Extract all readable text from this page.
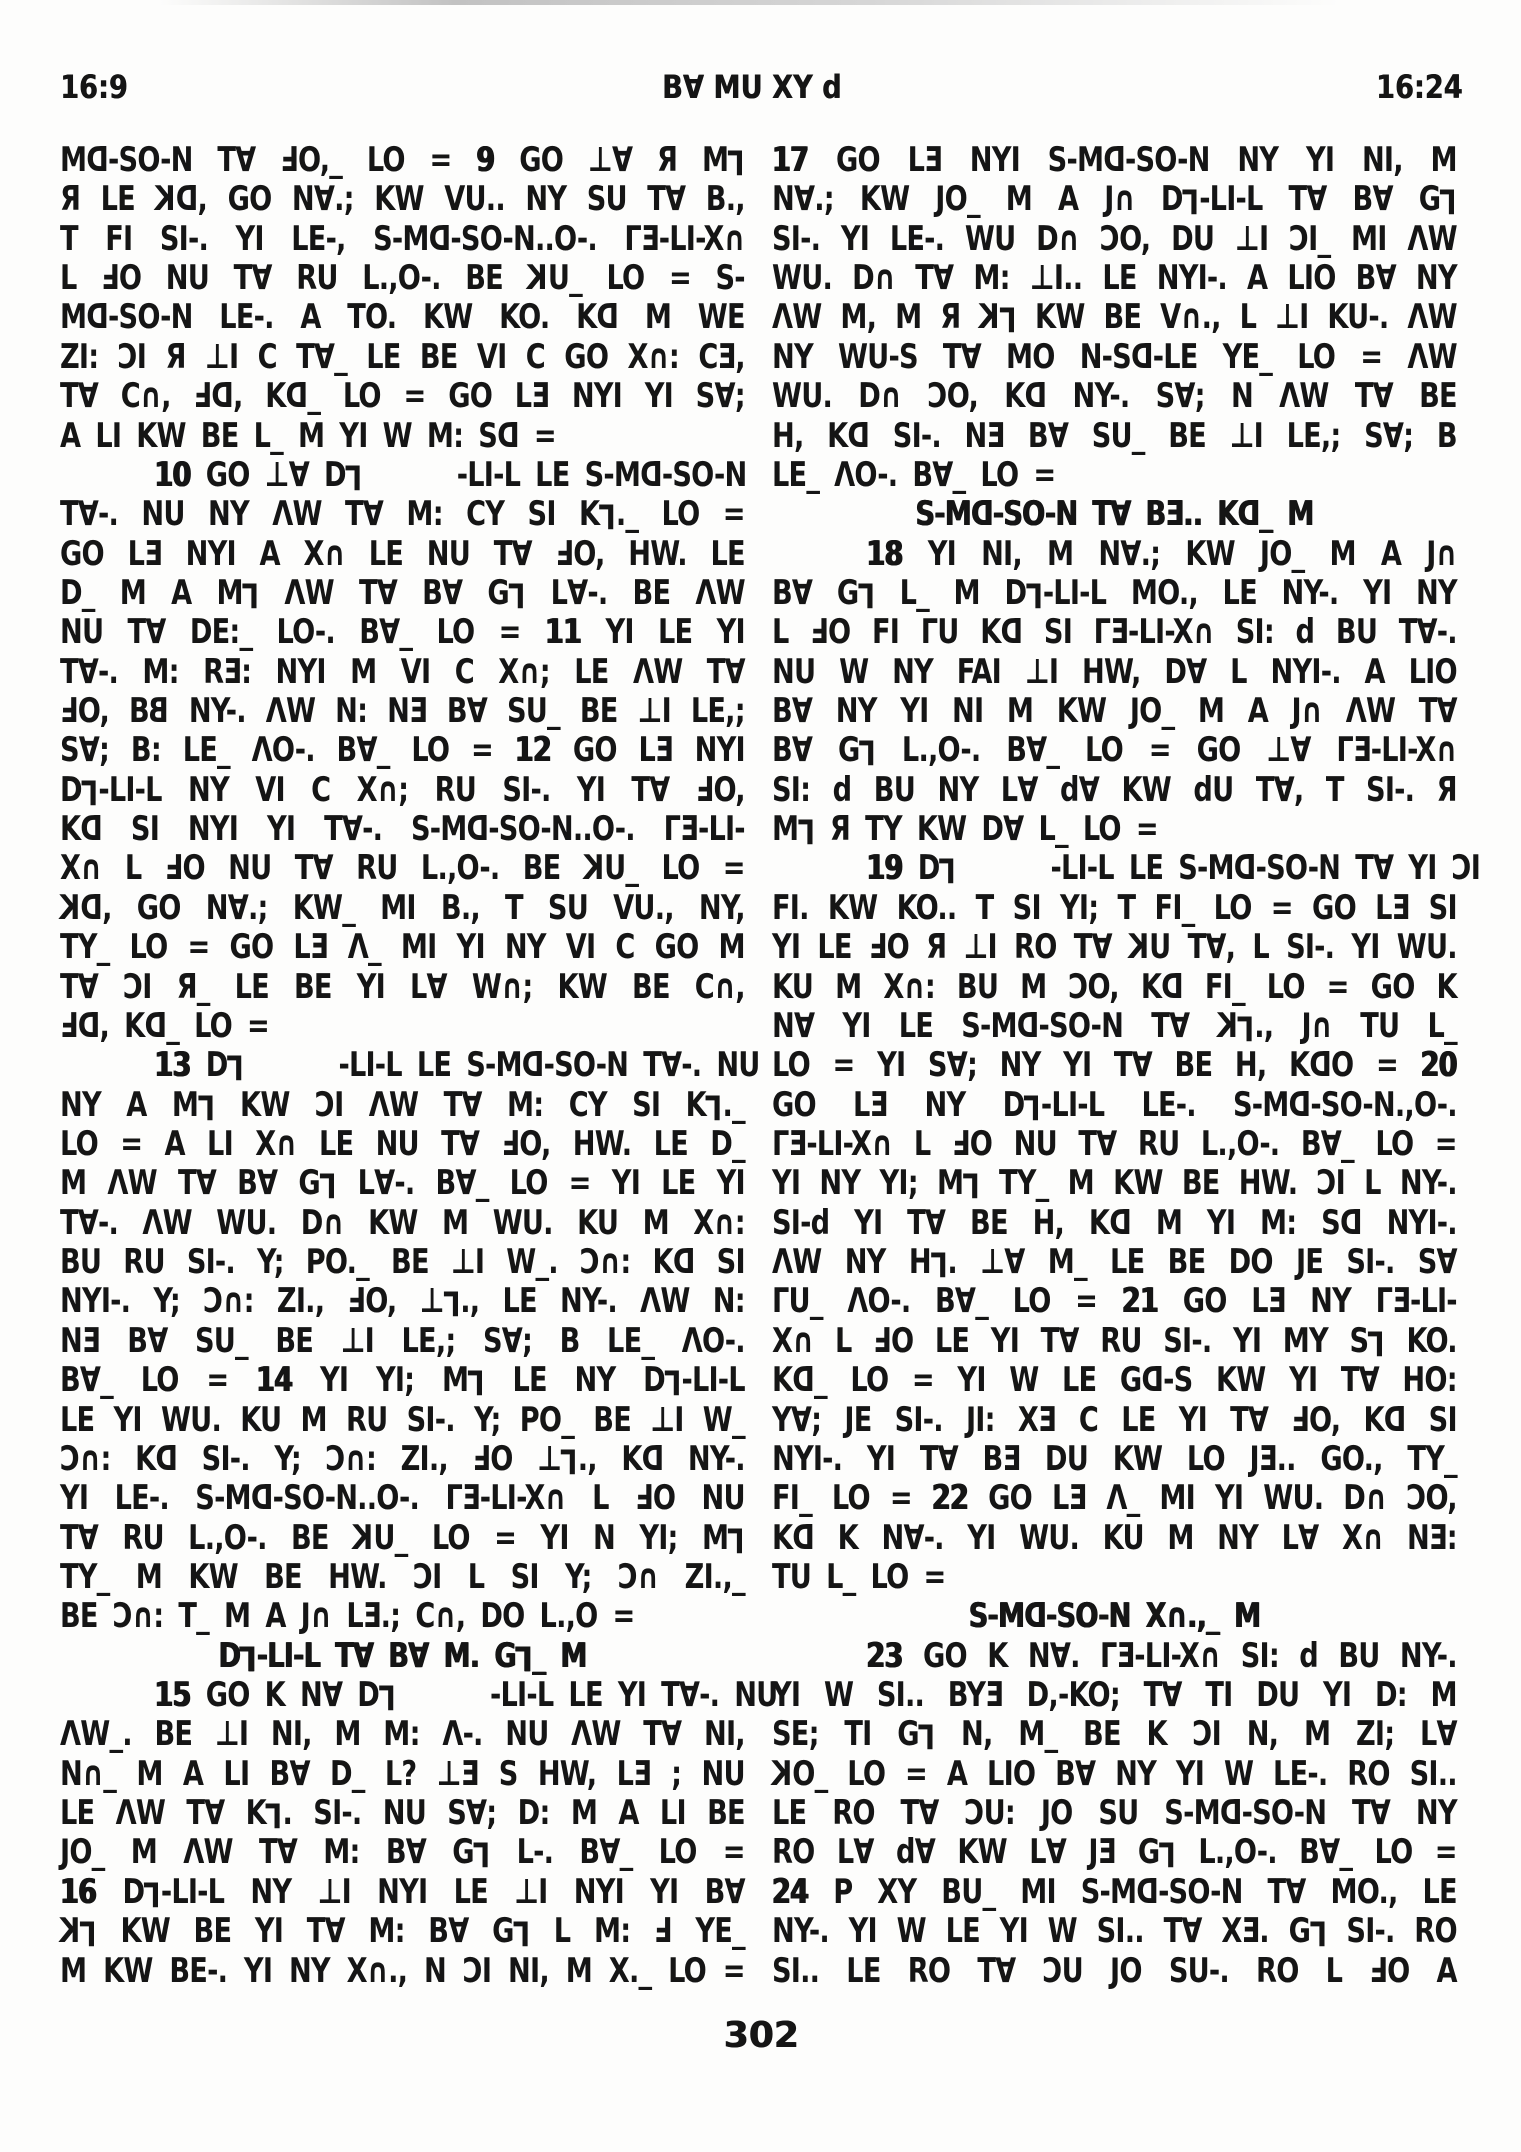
16:9	B∀ MU XY d	16:24
Mᗡ-SO-N T∀ ℲO,_ LO = 9 GO ⊥∀ Я ML
Я LE Kᗡ, GO N∀.; KW VU.. NY SU T∀ B.,
T FI SI-. YI LE-, S-Mᗡ-SO-N..O-. ΓƎ-LI-X∩
L ℲO NU T∀ RU L.,O-. BE KU_ LO = S-
Mᗡ-SO-N LE-. A TO. KW KO. Kᗡ M WE
ZI: ƆI Я ⊥I C T∀_ LE BE VI C GO X∩: CƎ,
T∀ C∩, Ⅎᗡ, Kᗡ_ LO = GO LƎ NYI YI S∀;
A LI KW BE L_ M YI W M: Sᗡ =
10 GO ⊥∀ DL	-LI-L LE S-Mᗡ-SO-N
T∀-. NU NY ΛW T∀ M: CY SI KL._ LO =
GO LƎ NYI A X∩ LE NU T∀ ℲO, HW. LE
D_ M A ML ΛW T∀ B∀ GL L∀-. BE ΛW
NU T∀ DE:_ LO-. B∀_ LO = 11 YI LE YI
T∀-. M: RƎ: NYI M VI C X∩; LE ΛW T∀
ℲO, BB NY-. ΛW N: NƎ B∀ SU_ BE ⊥I LE,;
S∀; B: LE_ ΛO-. B∀_ LO = 12 GO LƎ NYI
DL-LI-L NY VI C X∩; RU SI-. YI T∀ ℲO,
Kᗡ SI NYI YI T∀-. S-Mᗡ-SO-N..O-. ΓƎ-LI-
X∩ L ℲO NU T∀ RU L.,O-. BE KU_ LO =
Kᗡ, GO N∀.; KW_ MI B., T SU VU., NY,
TY_ LO = GO LƎ Λ_ MI YI NY VI C GO M
T∀ ƆI Я_ LE BE YI L∀ W∩; KW BE C∩,
Ⅎᗡ, Kᗡ_ LO =
13 DL	-LI-L LE S-Mᗡ-SO-N T∀-. NU
NY A ML KW ƆI ΛW T∀ M: CY SI KL._
LO = A LI X∩ LE NU T∀ ℲO, HW. LE D_
M ΛW T∀ B∀ GL L∀-. B∀_ LO = YI LE YI
T∀-. ΛW WU. D∩ KW M WU. KU M X∩:
BU RU SI-. Y; PO._ BE ⊥I W_. Ɔ∩: Kᗡ SI
NYI-. Y; Ɔ∩: ZI., ℲO, ⊥L., LE NY-. ΛW N:
NƎ B∀ SU_ BE ⊥I LE,; S∀; B LE_ ΛO-.
B∀_ LO = 14 YI YI; ML LE NY DL-LI-L
LE YI WU. KU M RU SI-. Y; PO_ BE ⊥I W_
Ɔ∩: Kᗡ SI-. Y; Ɔ∩: ZI., ℲO ⊥L., Kᗡ NY-.
YI LE-. S-Mᗡ-SO-N..O-. ΓƎ-LI-X∩ L ℲO NU
T∀ RU L.,O-. BE KU_ LO = YI N YI; ML
TY_ M KW BE HW. ƆI L SI Y; Ɔ∩ ZI.,_
BE Ɔ∩: T_ M A J∩ LƎ.; C∩, DO L.,O =
DL-LI-L T∀ B∀ M. GL_ M
15 GO K N∀ DL	-LI-L LE YI T∀-. NU
ΛW_. BE ⊥I NI, M M: Λ-. NU ΛW T∀ NI,
N∩_ M A LI B∀ D_ L? ⊥Ǝ S HW, LƎ ; NU
LE ΛW T∀ KL. SI-. NU S∀; D: M A LI BE
JO_ M ΛW T∀ M: B∀ GL L-. B∀_ LO =
16 DL-LI-L NY ⊥I NYI LE ⊥I NYI YI B∀
KL KW BE YI T∀ M: B∀ GL L M: Ⅎ YE_
M KW BE-. YI NY X∩., N ƆI NI, M X._ LO =
17 GO LƎ NYI S-Mᗡ-SO-N NY YI NI, M
N∀.; KW JO_ M A J∩ DL-LI-L T∀ B∀ GL
SI-. YI LE-. WU D∩ ƆO, DU ⊥I ƆI_ MI ΛW
WU. D∩ T∀ M: ⊥I.. LE NYI-. A LIO B∀ NY
ΛW M, M Я KL KW BE V∩., L ⊥I KU-. ΛW
NY WU-S T∀ MO N-Sᗡ-LE YE_ LO = ΛW
WU. D∩ ƆO, Kᗡ NY-. S∀; N ΛW T∀ BE
H, Kᗡ SI-. NƎ B∀ SU_ BE ⊥I LE,; S∀; B
LE_ ΛO-. B∀_ LO =
S-Mᗡ-SO-N T∀ BƎ.. Kᗡ_ M
18 YI NI, M N∀.; KW JO_ M A J∩
B∀ GL L_ M DL-LI-L MO., LE NY-. YI NY
L ℲO FI ΓU Kᗡ SI ΓƎ-LI-X∩ SI: d BU T∀-.
NU W NY FAI ⊥I HW, D∀ L NYI-. A LIO
B∀ NY YI NI M KW JO_ M A J∩ ΛW T∀
B∀ GL L.,O-. B∀_ LO = GO ⊥∀ ΓƎ-LI-X∩
SI: d BU NY L∀ d∀ KW dU T∀, T SI-. Я
ML Я TY KW D∀ L_ LO =
19 DL	-LI-L LE S-Mᗡ-SO-N T∀ YI ƆI
FI. KW KO.. T SI YI; T FI_ LO = GO LƎ SI
YI LE ℲO Я ⊥I RO T∀ KU T∀, L SI-. YI WU.
KU M X∩: BU M ƆO, Kᗡ FI_ LO = GO K
N∀ YI LE S-Mᗡ-SO-N T∀ KL., J∩ TU L_
LO = YI S∀; NY YI T∀ BE H, KᗡO = 20
GO LƎ NY DL-LI-L LE-. S-Mᗡ-SO-N.,O-.
ΓƎ-LI-X∩ L ℲO NU T∀ RU L.,O-. B∀_ LO =
YI NY YI; ML TY_ M KW BE HW. ƆI L NY-.
SI-d YI T∀ BE H, Kᗡ M YI M: Sᗡ NYI-.
ΛW NY HL. ⊥∀ M_ LE BE DO JE SI-. S∀
ΓU_ ΛO-. B∀_ LO = 21 GO LƎ NY ΓƎ-LI-
X∩ L ℲO LE YI T∀ RU SI-. YI MY SL KO.
Kᗡ_ LO = YI W LE Gᗡ-S KW YI T∀ HO:
Y∀; JE SI-. JI: XƎ C LE YI T∀ ℲO, Kᗡ SI
NYI-. YI T∀ BƎ DU KW LO JƎ.. GO., TY_
FI_ LO = 22 GO LƎ Λ_ MI YI WU. D∩ ƆO,
Kᗡ K N∀-. YI WU. KU M NY L∀ X∩ NƎ:
TU L_ LO =
S-Mᗡ-SO-N X∩.,_ M
23 GO K N∀. ΓƎ-LI-X∩ SI: d BU NY-.
YI W SI.. BYƎ D,-KO; T∀ TI DU YI D: M
SE; TI GL N, M_ BE K ƆI N, M ZI; L∀
KO_ LO = A LIO B∀ NY YI W LE-. RO SI..
LE RO T∀ ƆU: JO SU S-Mᗡ-SO-N T∀ NY
RO L∀ d∀ KW L∀ JƎ GL L.,O-. B∀_ LO =
24 P XY BU_ MI S-Mᗡ-SO-N T∀ MO., LE
NY-. YI W LE YI W SI.. T∀ XƎ. GL SI-. RO
SI.. LE RO T∀ ƆU JO SU-. RO L ℲO A
302
